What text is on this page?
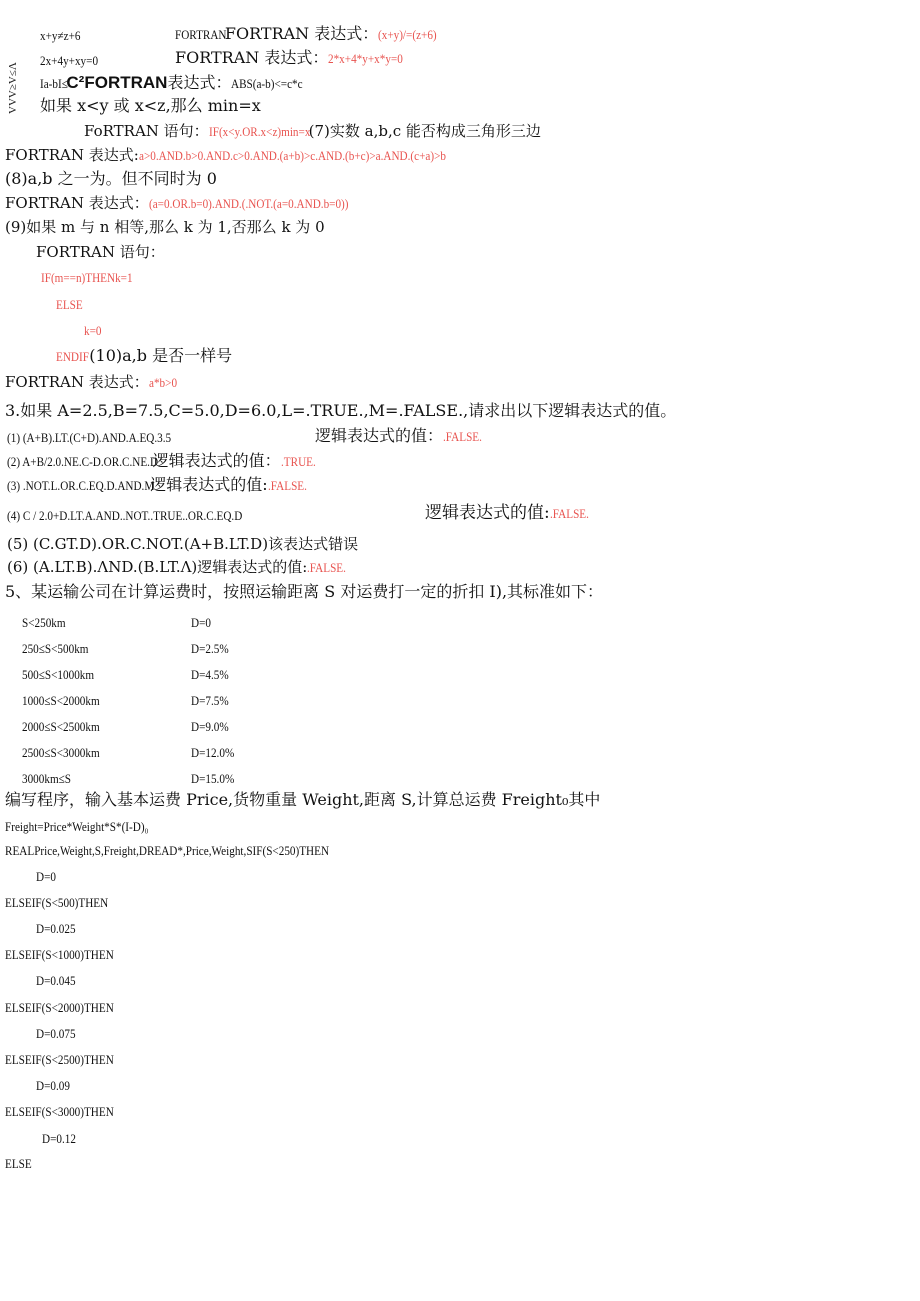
VVV≥V≤Λ
x+y≠z+6	FORTRANFORTRAN 表达式：(x+y)/=(z+6)
2x+4y+xy=0	FORTRAN 表达式：2*x+4*y+x*y=0
Ia-bI≤C²FORTRAN表达式：ABS(a-b)<=c*c
如果 x<y 或 x<z,那么 min=x
FoRTRAN 语句：IF(x<y.OR.x<z)min=x(7)实数 a,b,c 能否构成三角形三边
FORTRAN 表达式:a>0.AND.b>0.AND.c>0.AND.(a+b)>c.AND.(b+c)>a.AND.(c+a)>b
(8)a,b 之一为。但不同时为 0
FORTRAN 表达式：(a=0.OR.b=0).AND.(.NOT.(a=0.AND.b=0))
(9)如果 m 与 n 相等,那么 k 为 1,否那么 k 为 0
FORTRAN 语句：
IF(m==n)THENk=1
ELSE
k=0
ENDIF(10)a,b 是否一样号
FORTRAN 表达式：a*b>0
3.如果 A=2.5,B=7.5,C=5.0,D=6.0,L=.TRUE.,M=.FALSE.,请求出以下逻辑表达式的值。
(1) (A+B).LT.(C+D).AND.A.EQ.3.5	逻辑表达式的值：.FALSE.
(2) A+B/2.0.NE.C-D.OR.C.NE.D逻辑表达式的值：.TRUE.
(3) .NOT.L.OR.C.EQ.D.AND.M逻辑表达式的值:.FALSE.
(4) C / 2.0+D.LT.A.AND..NOT..TRUE..OR.C.EQ.D	逻辑表达式的值:.FALSE.
(5) (C.GT.D).OR.C.NOT.(A+B.LT.D)该表达式错误
(6) (A.LT.B).ΛND.(B.LT.Λ)逻辑表达式的值:.FALSE.
5、某运输公司在计算运费时，按照运输距离 S 对运费打一定的折扣 I),其标准如下：
S<250km	D=0
250≤S<500km	D=2.5%
500≤S<1000km	D=4.5%
1000≤S<2000km	D=7.5%
2000≤S<2500km	D=9.0%
2500≤S<3000km	D=12.0%
3000km≤S	D=15.0%
编写程序，输入基本运费 Price,货物重量 Weight,距离 S,计算总运费 Freight₀其中
Freight=Price*Weight*S*(I-D)₀
REALPrice,Weight,S,Freight,DREAD*,Price,Weight,SIF(S<250)THEN
D=0
ELSEIF(S<500)THEN
D=0.025
ELSEIF(S<1000)THEN
D=0.045
ELSEIF(S<2000)THEN
D=0.075
ELSEIF(S<2500)THEN
D=0.09
ELSEIF(S<3000)THEN
D=0.12
ELSE
